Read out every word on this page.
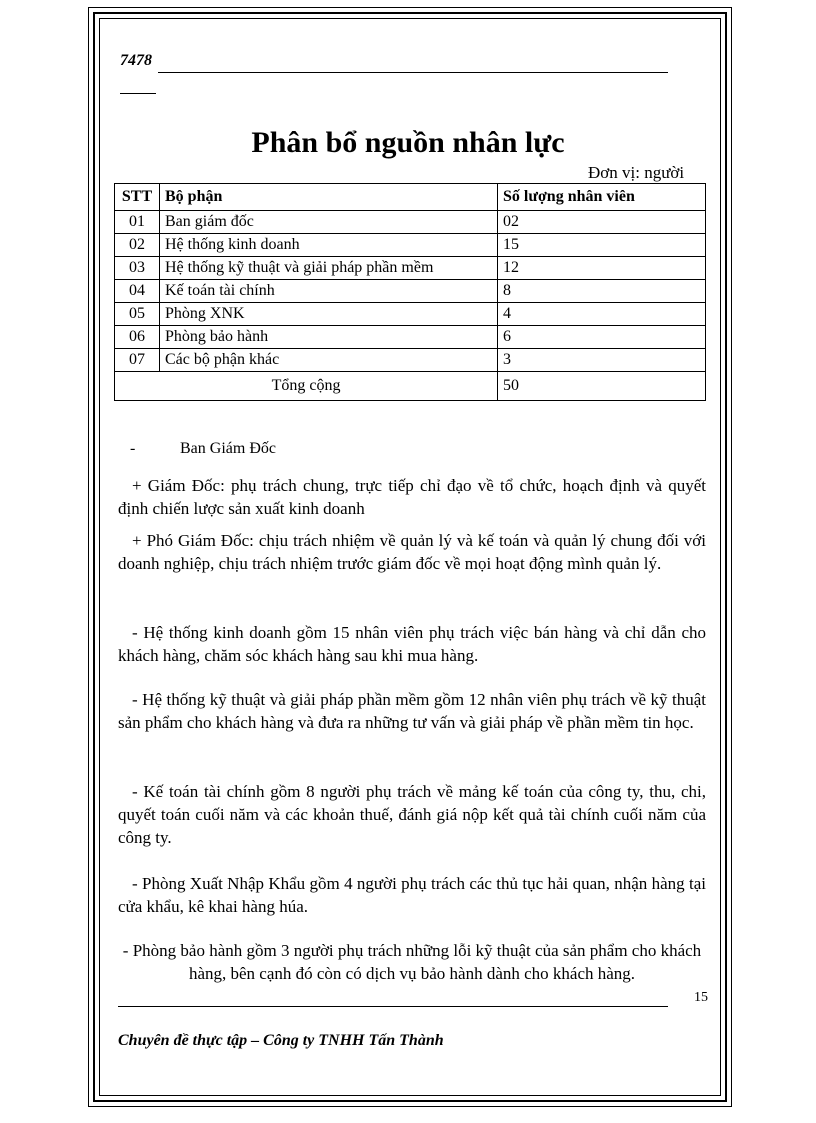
7478
Phân bổ nguồn nhân lực
Đơn vị: người
STT	Bộ phận	Số lượng nhân viên
01	Ban giám đốc	02
02	Hệ thống kinh doanh	15
03	Hệ thống kỹ thuật và giải pháp phần mềm	12
04	Kế toán tài chính	8
05	Phòng XNK	4
06	Phòng bảo hành	6
07	Các bộ phận khác	3
Tổng cộng		50
-	Ban Giám Đốc
+ Giám Đốc: phụ trách chung, trực tiếp chỉ đạo về tổ chức, hoạch định và quyết định chiến lược sản xuất kinh doanh
+ Phó Giám Đốc: chịu trách nhiệm về quản lý và kế toán và quản lý chung đối với doanh nghiệp, chịu trách nhiệm trước giám đốc về mọi hoạt động mình quản lý.
- Hệ thống kinh doanh gồm 15 nhân viên phụ trách việc bán hàng và chỉ dẫn cho khách hàng, chăm sóc khách hàng sau khi mua hàng.
- Hệ thống kỹ thuật và giải pháp phần mềm gồm 12 nhân viên phụ trách về kỹ thuật sản phẩm cho khách hàng và đưa ra những tư vấn và giải pháp về phần mềm tin học.
- Kế toán tài chính gồm 8 người phụ trách về mảng kế toán của công ty, thu, chi, quyết toán cuối năm và các khoản thuế, đánh giá nộp kết quả tài chính cuối năm của công ty.
- Phòng Xuất Nhập Khẩu gồm 4 người phụ trách các thủ tục hải quan, nhận hàng tại cửa khẩu, kê khai hàng húa.
- Phòng bảo hành gồm 3 người phụ trách những lỗi kỹ thuật của sản phẩm cho khách hàng, bên cạnh đó còn có dịch vụ bảo hành dành cho khách hàng.
15
Chuyên đề thực tập – Công ty TNHH Tấn Thành
